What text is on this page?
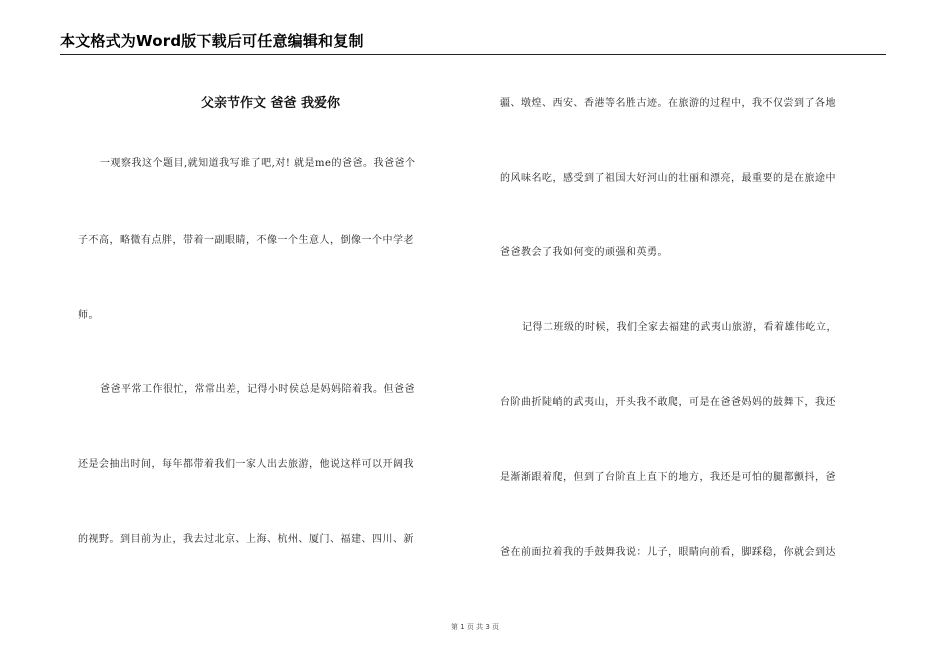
本文格式为Word版下载后可任意编辑和复制
父亲节作文 爸爸 我爱你
一观察我这个题目,就知道我写谁了吧,对! 就是me的爸爸。我爸爸个
子不高，略微有点胖，带着一副眼睛，不像一个生意人，倒像一个中学老
师。
爸爸平常工作很忙，常常出差，记得小时侯总是妈妈陪着我。但爸爸
还是会抽出时间，每年都带着我们一家人出去旅游，他说这样可以开阔我
的视野。到目前为止，我去过北京、上海、杭州、厦门、福建、四川、新
疆、墩煌、西安、香港等名胜古迹。在旅游的过程中，我不仅尝到了各地
的风味名吃，感受到了祖国大好河山的壮丽和漂亮，最重要的是在旅途中
爸爸教会了我如何变的顽强和英勇。
记得二班级的时候，我们全家去福建的武夷山旅游，看着雄伟屹立，
台阶曲折陡峭的武夷山，开头我不敢爬，可是在爸爸妈妈的鼓舞下，我还
是渐渐跟着爬，但到了台阶直上直下的地方，我还是可怕的腿都颤抖，爸
爸在前面拉着我的手鼓舞我说：儿子，眼睛向前看，脚踩稳，你就会到达
第 1 页 共 3 页
